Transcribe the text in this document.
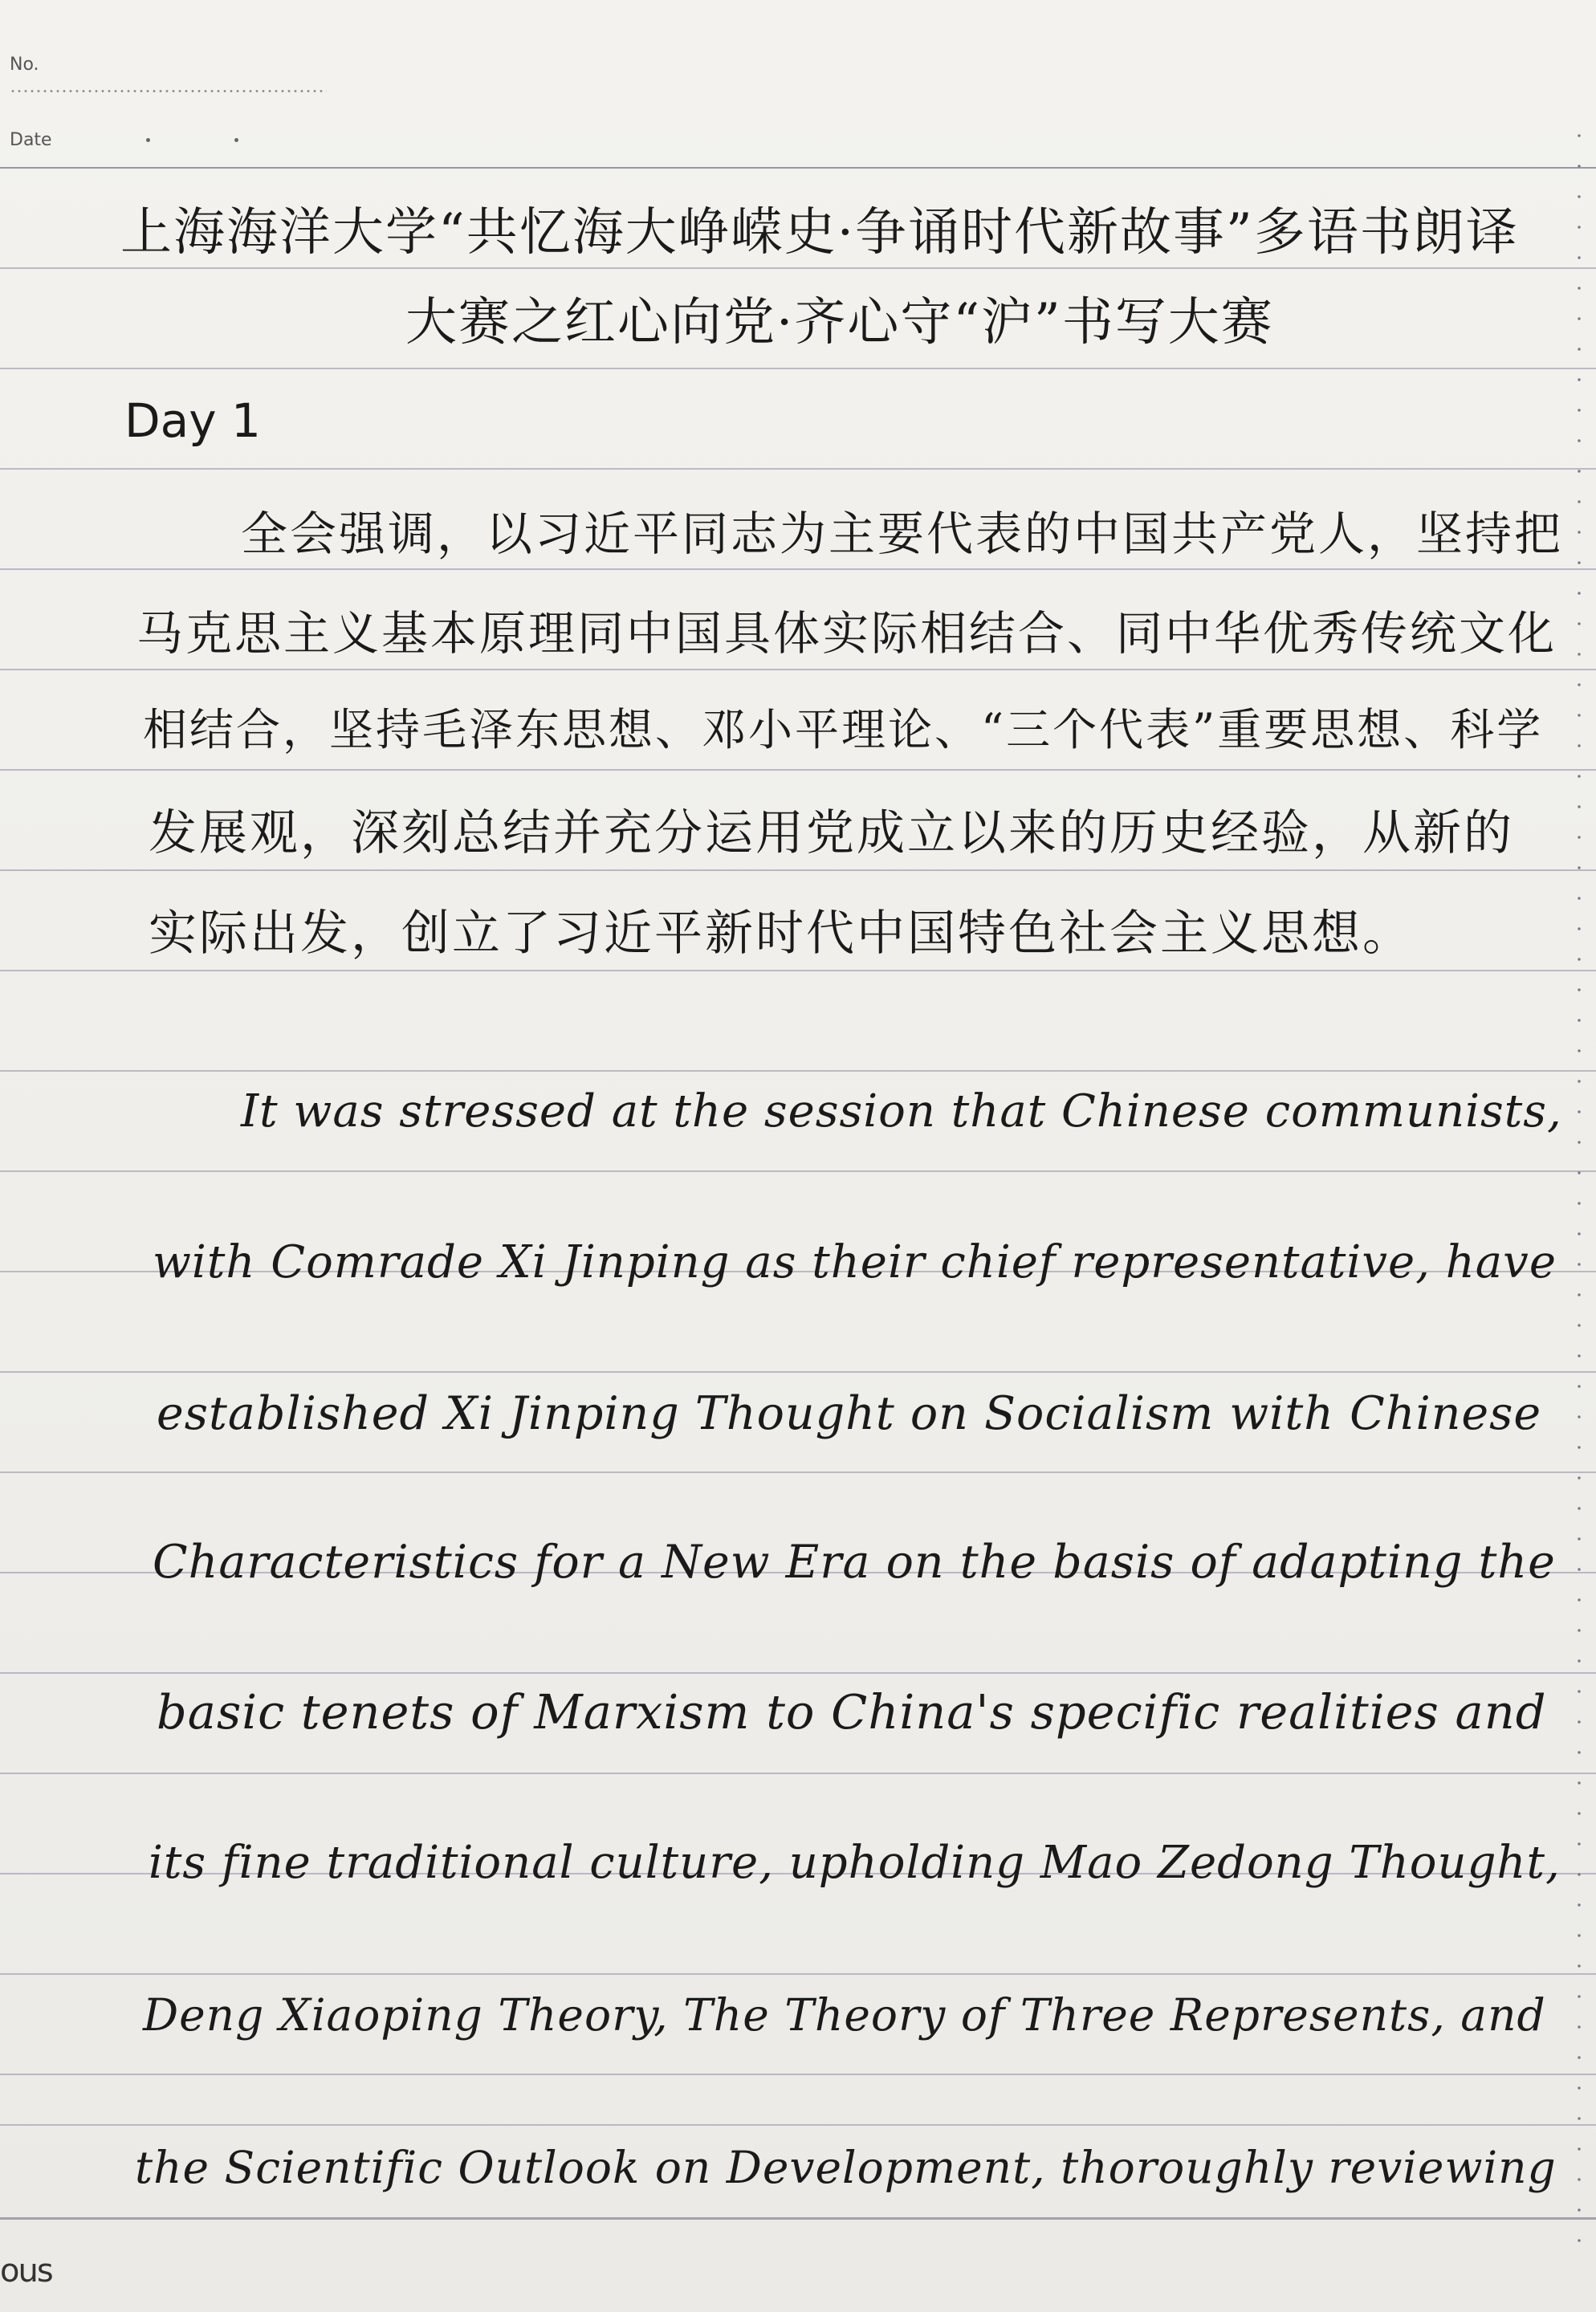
No.
Date
上海海洋大学“共忆海大峥嵘史·争诵时代新故事”多语书朗译
大赛之红心向党·齐心守“沪”书写大赛
Day 1
全会强调，以习近平同志为主要代表的中国共产党人，坚持把
马克思主义基本原理同中国具体实际相结合、同中华优秀传统文化
相结合，坚持毛泽东思想、邓小平理论、“三个代表”重要思想、科学
发展观，深刻总结并充分运用党成立以来的历史经验，从新的
实际出发，创立了习近平新时代中国特色社会主义思想。
It was stressed at the session that Chinese communists,
with Comrade Xi Jinping as their chief representative, have
established Xi Jinping Thought on Socialism with Chinese
Characteristics for a New Era on the basis of adapting the
basic tenets of Marxism to China's specific realities and
its fine traditional culture, upholding Mao Zedong Thought,
Deng Xiaoping Theory, The Theory of Three Represents, and
the Scientific Outlook on Development, thoroughly reviewing
ous
